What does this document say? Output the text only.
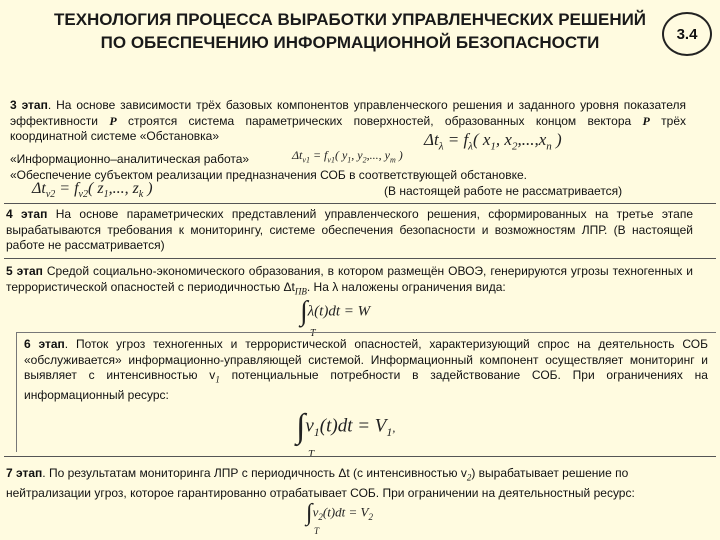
ТЕХНОЛОГИЯ ПРОЦЕССА ВЫРАБОТКИ УПРАВЛЕНЧЕСКИХ РЕШЕНИЙ ПО ОБЕСПЕЧЕНИЮ ИНФОРМАЦИОННОЙ БЕЗОПАСНОСТИ	3.4
3 этап. На основе зависимости трёх базовых компонентов управленческого решения и заданного уровня показателя эффективности P строятся система параметрических поверхностей, образованных концом вектора P трёх координатной системе «Обстановка»
«Информационно–аналитическая работа»
«Обеспечение субъектом реализации предназначения СОБ в соответствующей обстановке.
(В настоящей работе не рассматривается)
$\Delta t_\lambda = f_\lambda$( $x_1$, $x_2,...,x_n$ )
$\Delta t_{v1} = f_{v1}$( $y_1$, $y_2$,..., $y_m$ )
$\Delta t_{v2} = f_{v2}$( $z_1$,..., $z_k$ )
4 этап На основе параметрических представлений управленческого решения, сформированных на третье этапе вырабатываются требования к мониторингу, системе обеспечения безопасности и возможностям ЛПР. (В настоящей работе не рассматривается)
5 этап Средой социально-экономического образования, в котором размещён ОВОЭ, генерируются угрозы техногенных и террористической опасностей с периодичностью $\Delta t_{ПВ}$. На λ наложены ограничения вида:
∫λ(t)dt = W
T
6 этап. Поток угроз техногенных и террористической опасностей, характеризующий спрос на деятельность СОБ «обслуживается» информационно-управляющей системой. Информационный компонент осуществляет мониторинг и выявляет с интенсивностью $v_1$ потенциальные потребности в задействование СОБ. При ограничениях на информационный ресурс:
$\int v_1(t)dt = V_1$,
T
7 этап. По результатам мониторинга ЛПР с периодичность Δt (с интенсивностью $v_2$) вырабатывает решение по нейтрализации угроз, которое гарантированно отрабатывает СОБ. При ограничении на деятельностный ресурс:
$\int v_2(t)dt = V_2$
T
